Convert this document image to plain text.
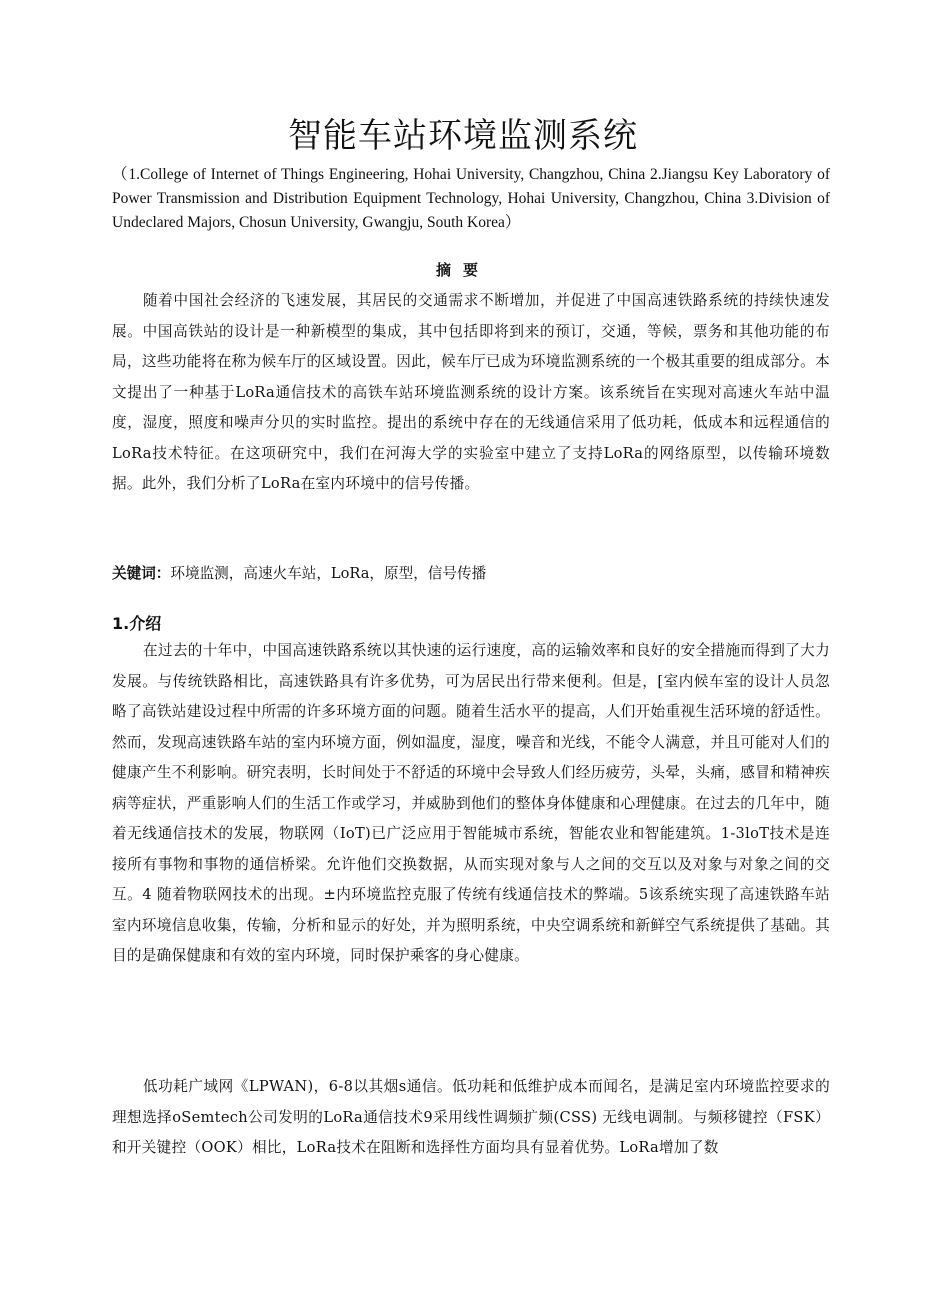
智能车站环境监测系统

（1.College of Internet of Things Engineering, Hohai University, Changzhou, China 2.Jiangsu Key Laboratory of Power Transmission and Distribution Equipment Technology, Hohai University, Changzhou, China 3.Division of Undeclared Majors, Chosun University, Gwangju, South Korea）

摘要

随着中国社会经济的飞速发展，其居民的交通需求不断增加，并促进了中国高速铁路系统的持续快速发展。中国高铁站的设计是一种新模型的集成，其中包括即将到来的预订，交通，等候，票务和其他功能的布局，这些功能将在称为候车厅的区域设置。因此，候车厅已成为环境监测系统的一个极其重要的组成部分。本文提出了一种基于LoRa通信技术的高铁车站环境监测系统的设计方案。该系统旨在实现对高速火车站中温度，湿度，照度和噪声分贝的实时监控。提出的系统中存在的无线通信采用了低功耗，低成本和远程通信的LoRa技术特征。在这项研究中，我们在河海大学的实验室中建立了支持LoRa的网络原型，以传输环境数据。此外，我们分析了LoRa在室内环境中的信号传播。

关键词：环境监测，高速火车站，LoRa，原型，信号传播

1.介绍

在过去的十年中，中国高速铁路系统以其快速的运行速度，高的运输效率和良好的安全措施而得到了大力发展。与传统铁路相比，高速铁路具有许多优势，可为居民出行带来便利。但是，[室内候车室的设计人员忽略了高铁站建设过程中所需的许多环境方面的问题。随着生活水平的提高，人们开始重视生活环境的舒适性。然而，发现高速铁路车站的室内环境方面，例如温度，湿度，噪音和光线，不能令人满意，并且可能对人们的健康产生不利影响。研究表明，长时间处于不舒适的环境中会导致人们经历疲劳，头晕，头痛，感冒和精神疾病等症状，严重影响人们的生活工作或学习，并威胁到他们的整体身体健康和心理健康。在过去的几年中，随着无线通信技术的发展，物联网（IoT)已广泛应用于智能城市系统，智能农业和智能建筑。1-3loT技术是连接所有事物和事物的通信桥梁。允许他们交换数据，从而实现对象与人之间的交互以及对象与对象之间的交互。4 随着物联网技术的出现。±内环境监控克服了传统有线通信技术的弊端。5该系统实现了高速铁路车站室内环境信息收集，传输，分析和显示的好处，并为照明系统，中央空调系统和新鲜空气系统提供了基础。其目的是确保健康和有效的室内环境，同时保护乘客的身心健康。

低功耗广域网《LPWAN)，6-8以其烟s通信。低功耗和低维护成本而闻名，是满足室内环境监控要求的理想选择oSemtech公司发明的LoRa通信技术9采用线性调频扩频(CSS) 无线电调制。与频移键控（FSK）和开关键控（OOK）相比，LoRa技术在阻断和选择性方面均具有显着优势。LoRa增加了数
